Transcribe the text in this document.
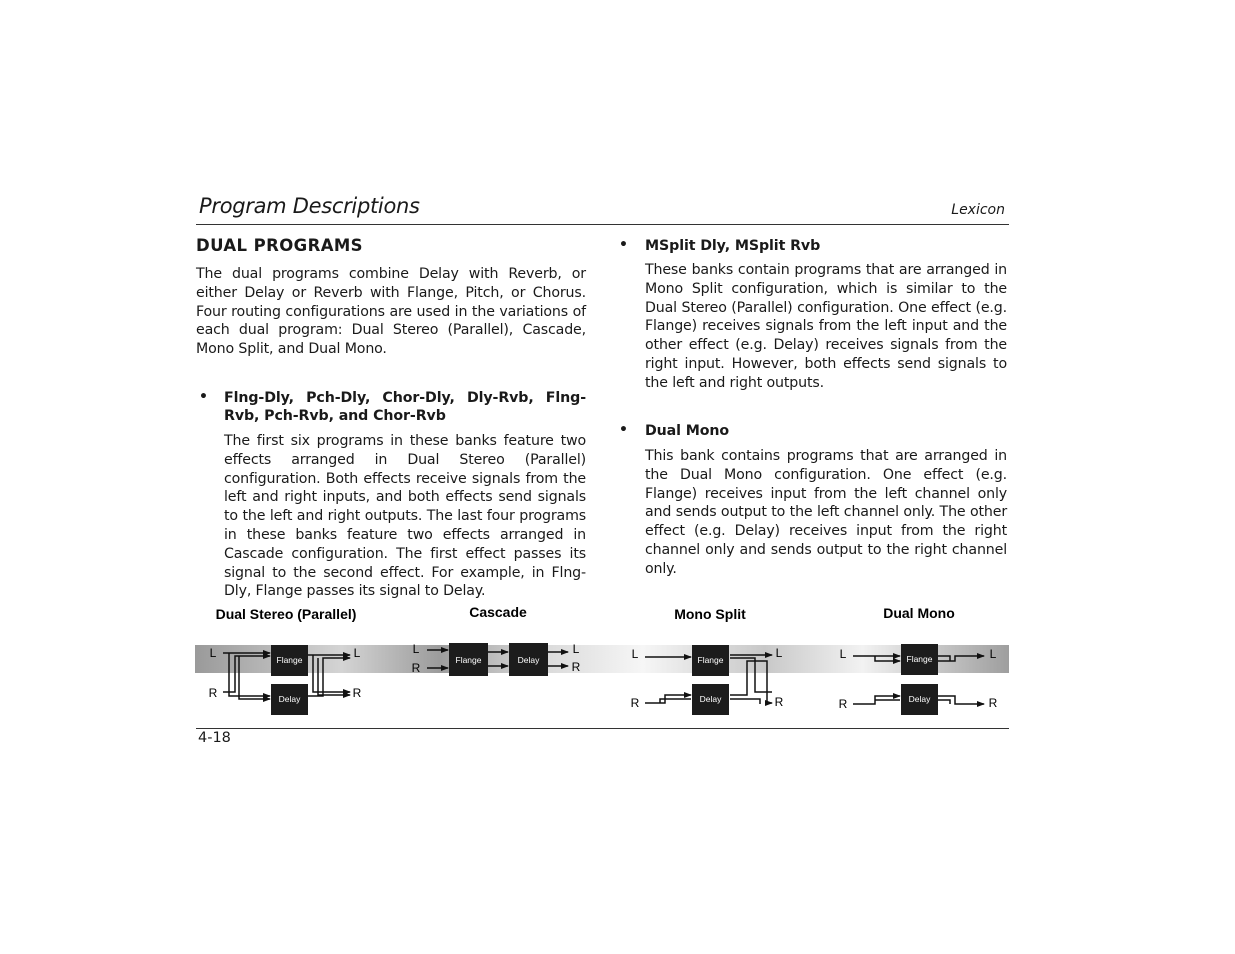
Program Descriptions	Lexicon
DUAL PROGRAMS

The dual programs combine Delay with Reverb, or either Delay or Reverb with Flange, Pitch, or Chorus. Four routing configurations are used in the variations of each dual program: Dual Stereo (Parallel), Cascade, Mono Split, and Dual Mono.

• Flng-Dly, Pch-Dly, Chor-Dly, Dly-Rvb, Flng-Rvb, Pch-Rvb, and Chor-Rvb

The first six programs in these banks feature two effects arranged in Dual Stereo (Parallel) configuration. Both effects receive signals from the left and right inputs, and both effects send signals to the left and right outputs. The last four programs in these banks feature two effects arranged in Cascade configuration. The first effect passes its signal to the second effect. For example, in Flng-Dly, Flange passes its signal to Delay.

• MSplit Dly, MSplit Rvb

These banks contain programs that are arranged in Mono Split configuration, which is similar to the Dual Stereo (Parallel) configuration. One effect (e.g. Flange) receives signals from the left input and the other effect (e.g. Delay) receives signals from the right input. However, both effects send signals to the left and right outputs.

• Dual Mono

This bank contains programs that are arranged in the Dual Mono configuration. One effect (e.g. Flange) receives input from the left channel only and sends output to the left channel only. The other effect (e.g. Delay) receives input from the right channel only and sends output to the right channel only.

Dual Stereo (Parallel)
L
R
L
R
Flange
Delay
Cascade
L
R
L
R
Flange	Delay
Mono Split
L
R
L
R
Flange
Delay
Dual Mono
L
R
L
R
Flange
Delay
4-18
